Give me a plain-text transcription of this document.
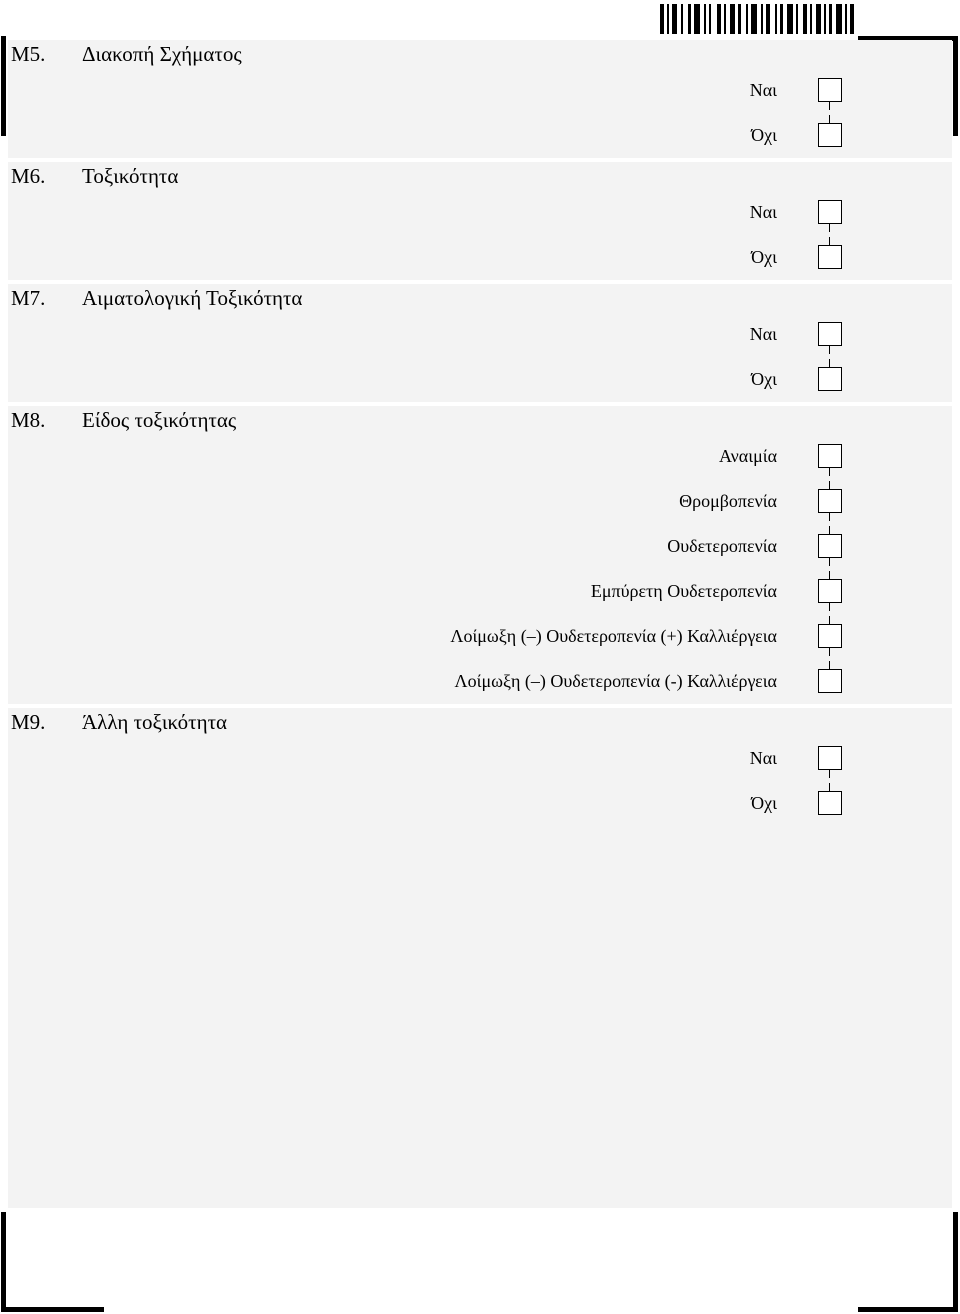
M5. Διακοπή Σχήματος
Ναι
Όχι
M6. Τοξικότητα
Ναι
Όχι
M7. Αιματολογική Τοξικότητα
Ναι
Όχι
M8. Είδος τοξικότητας
Αναιμία
Θρομβοπενία
Ουδετεροπενία
Εμπύρετη Ουδετεροπενία
Λοίμωξη (–) Ουδετεροπενία (+) Καλλιέργεια
Λοίμωξη (–) Ουδετεροπενία (-) Καλλιέργεια
M9. Άλλη τοξικότητα
Ναι
Όχι
